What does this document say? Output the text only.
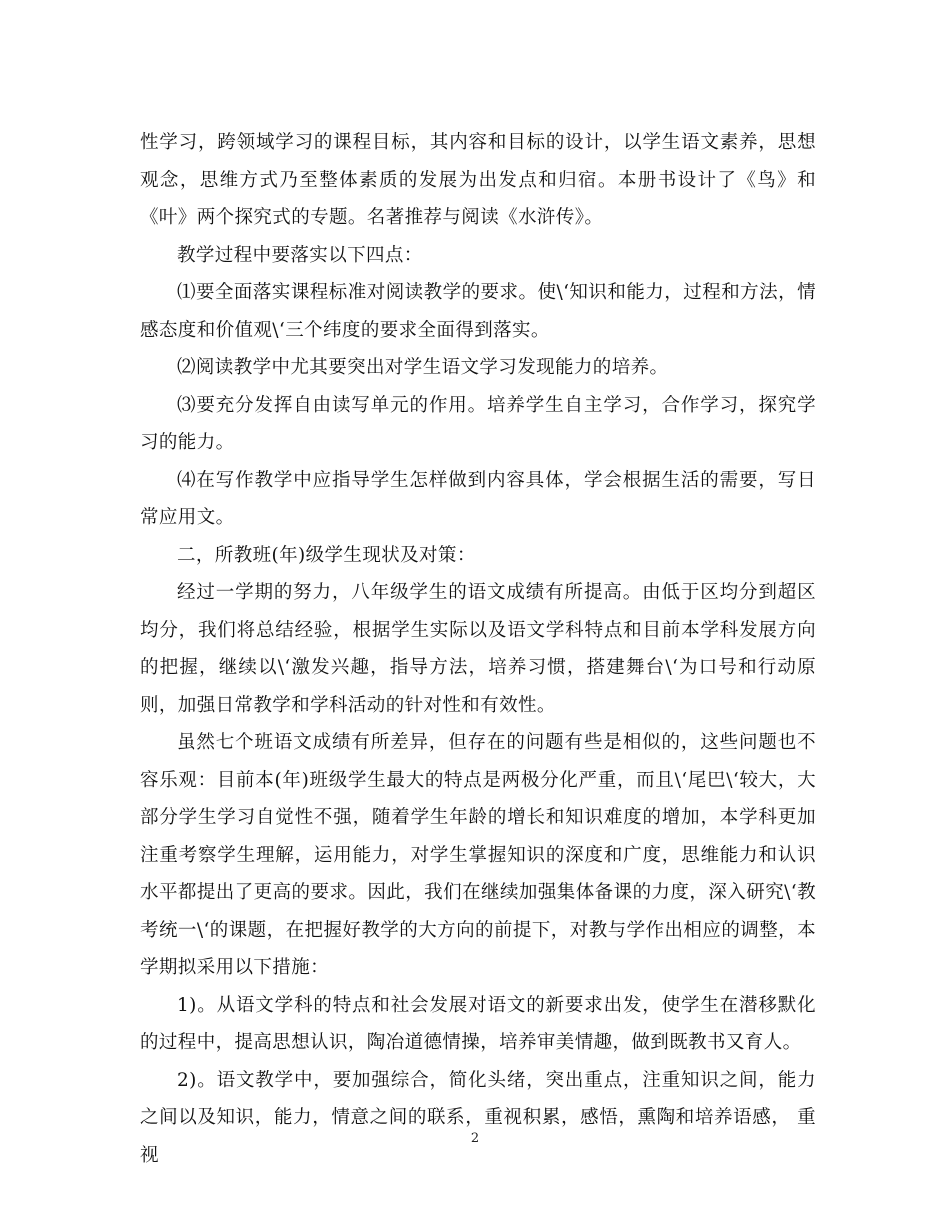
性学习，跨领域学习的课程目标，其内容和目标的设计，以学生语文素养，思想观念，思维方式乃至整体素质的发展为出发点和归宿。本册书设计了《鸟》和《叶》两个探究式的专题。名著推荐与阅读《水浒传》。

教学过程中要落实以下四点：

⑴要全面落实课程标准对阅读教学的要求。使\‘知识和能力，过程和方法，情感态度和价值观\‘三个纬度的要求全面得到落实。

⑵阅读教学中尤其要突出对学生语文学习发现能力的培养。

⑶要充分发挥自由读写单元的作用。培养学生自主学习，合作学习，探究学习的能力。

⑷在写作教学中应指导学生怎样做到内容具体，学会根据生活的需要，写日常应用文。

二，所教班(年)级学生现状及对策：

经过一学期的努力，八年级学生的语文成绩有所提高。由低于区均分到超区均分，我们将总结经验，根据学生实际以及语文学科特点和目前本学科发展方向的把握，继续以\‘激发兴趣，指导方法，培养习惯，搭建舞台\‘为口号和行动原则，加强日常教学和学科活动的针对性和有效性。

虽然七个班语文成绩有所差异，但存在的问题有些是相似的，这些问题也不容乐观：目前本(年)班级学生最大的特点是两极分化严重，而且\‘尾巴\‘较大，大部分学生学习自觉性不强，随着学生年龄的增长和知识难度的增加，本学科更加注重考察学生理解，运用能力，对学生掌握知识的深度和广度，思维能力和认识水平都提出了更高的要求。因此，我们在继续加强集体备课的力度，深入研究\‘教考统一\‘的课题，在把握好教学的大方向的前提下，对教与学作出相应的调整，本学期拟采用以下措施：

1)。从语文学科的特点和社会发展对语文的新要求出发，使学生在潜移默化的过程中，提高思想认识，陶冶道德情操，培养审美情趣，做到既教书又育人。

2)。语文教学中，要加强综合，简化头绪，突出重点，注重知识之间，能力之间以及知识，能力，情意之间的联系，重视积累，感悟，熏陶和培养语感， 重视

2
